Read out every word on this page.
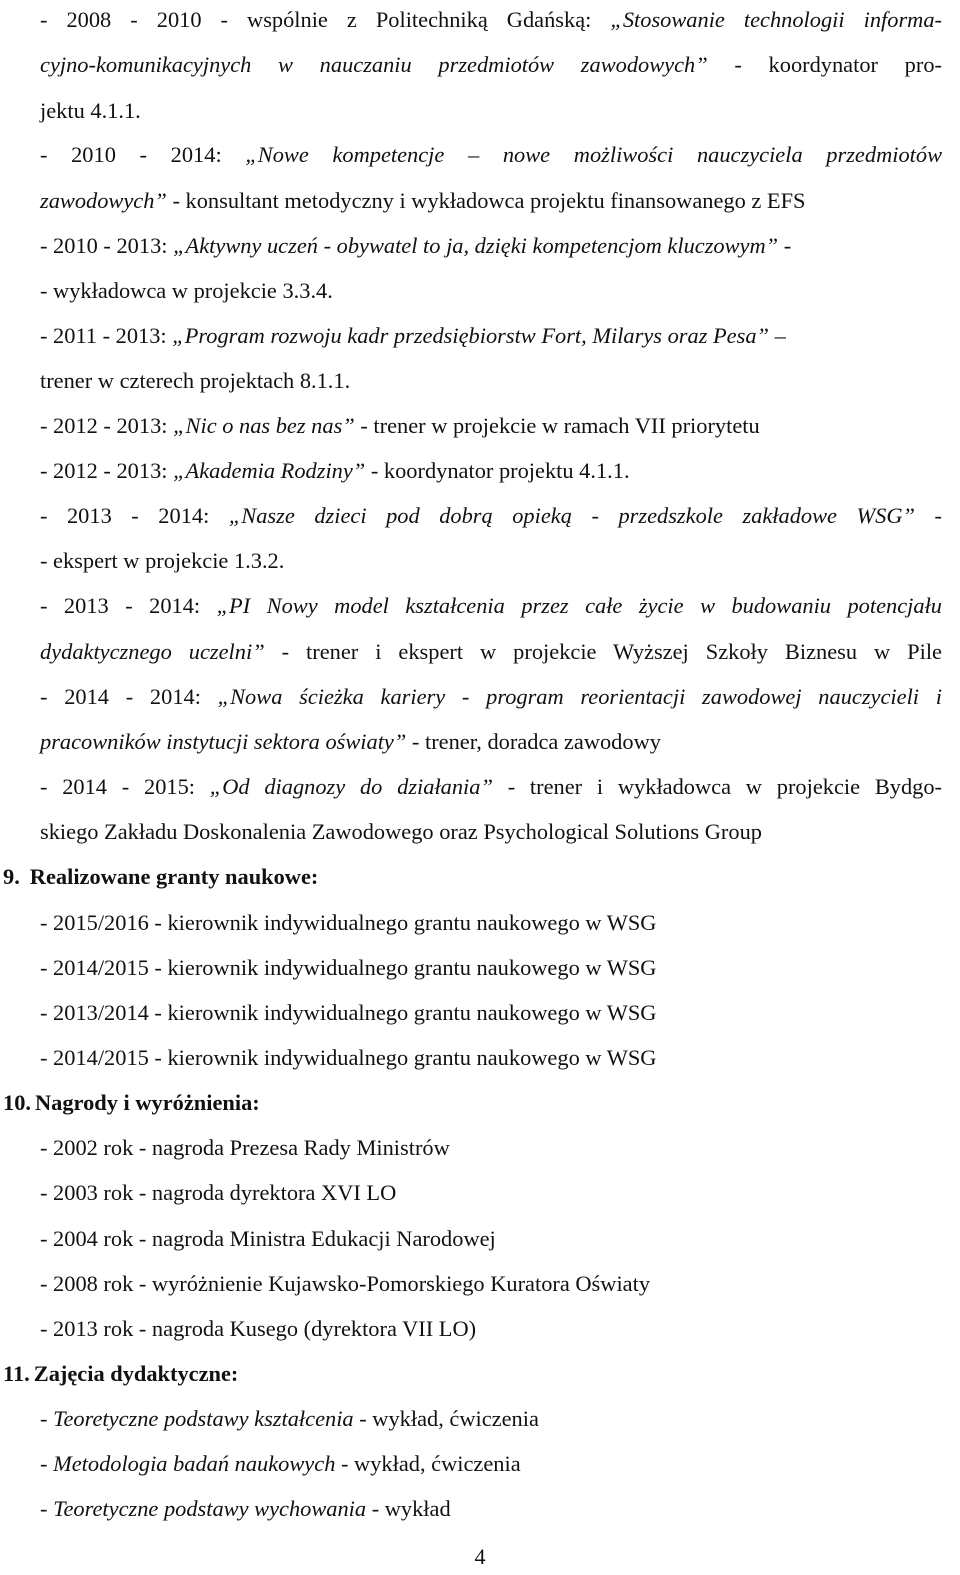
- 2008 - 2010 - wspólnie z Politechniką Gdańską: „Stosowanie technologii informa-
cyjno-komunikacyjnych w nauczaniu przedmiotów zawodowych” - koordynator pro-
jektu 4.1.1.
- 2010 - 2014: „Nowe kompetencje – nowe możliwości nauczyciela przedmiotów
zawodowych” - konsultant metodyczny i wykładowca projektu finansowanego z EFS
- 2010 - 2013: „Aktywny uczeń - obywatel to ja, dzięki kompetencjom kluczowym” -
- wykładowca w projekcie 3.3.4.
- 2011 - 2013: „Program rozwoju kadr przedsiębiorstw Fort, Milarys oraz Pesa” –
trener w czterech projektach 8.1.1.
- 2012 - 2013: „Nic o nas bez nas” - trener w projekcie w ramach VII priorytetu
- 2012 - 2013: „Akademia Rodziny” - koordynator projektu 4.1.1.
- 2013 - 2014: „Nasze dzieci pod dobrą opieką - przedszkole zakładowe WSG” -
- ekspert w projekcie 1.3.2.
- 2013 - 2014: „PI Nowy model kształcenia przez całe życie w budowaniu potencjału
dydaktycznego uczelni” - trener i ekspert w projekcie Wyższej Szkoły Biznesu w Pile
- 2014 - 2014: „Nowa ścieżka kariery - program reorientacji zawodowej nauczycieli i
pracowników instytucji sektora oświaty” - trener, doradca zawodowy
- 2014 - 2015: „Od diagnozy do działania” - trener i wykładowca w projekcie Bydgo-
skiego Zakładu Doskonalenia Zawodowego oraz Psychological Solutions Group
9. Realizowane granty naukowe:
- 2015/2016 - kierownik indywidualnego grantu naukowego w WSG
- 2014/2015 - kierownik indywidualnego grantu naukowego w WSG
- 2013/2014 - kierownik indywidualnego grantu naukowego w WSG
- 2014/2015 - kierownik indywidualnego grantu naukowego w WSG
10. Nagrody i wyróżnienia:
- 2002 rok - nagroda Prezesa Rady Ministrów
- 2003 rok - nagroda dyrektora XVI LO
- 2004 rok - nagroda Ministra Edukacji Narodowej
- 2008 rok - wyróżnienie Kujawsko-Pomorskiego Kuratora Oświaty
- 2013 rok - nagroda Kusego (dyrektora VII LO)
11. Zajęcia dydaktyczne:
- Teoretyczne podstawy kształcenia - wykład, ćwiczenia
- Metodologia badań naukowych - wykład, ćwiczenia
- Teoretyczne podstawy wychowania - wykład
4
